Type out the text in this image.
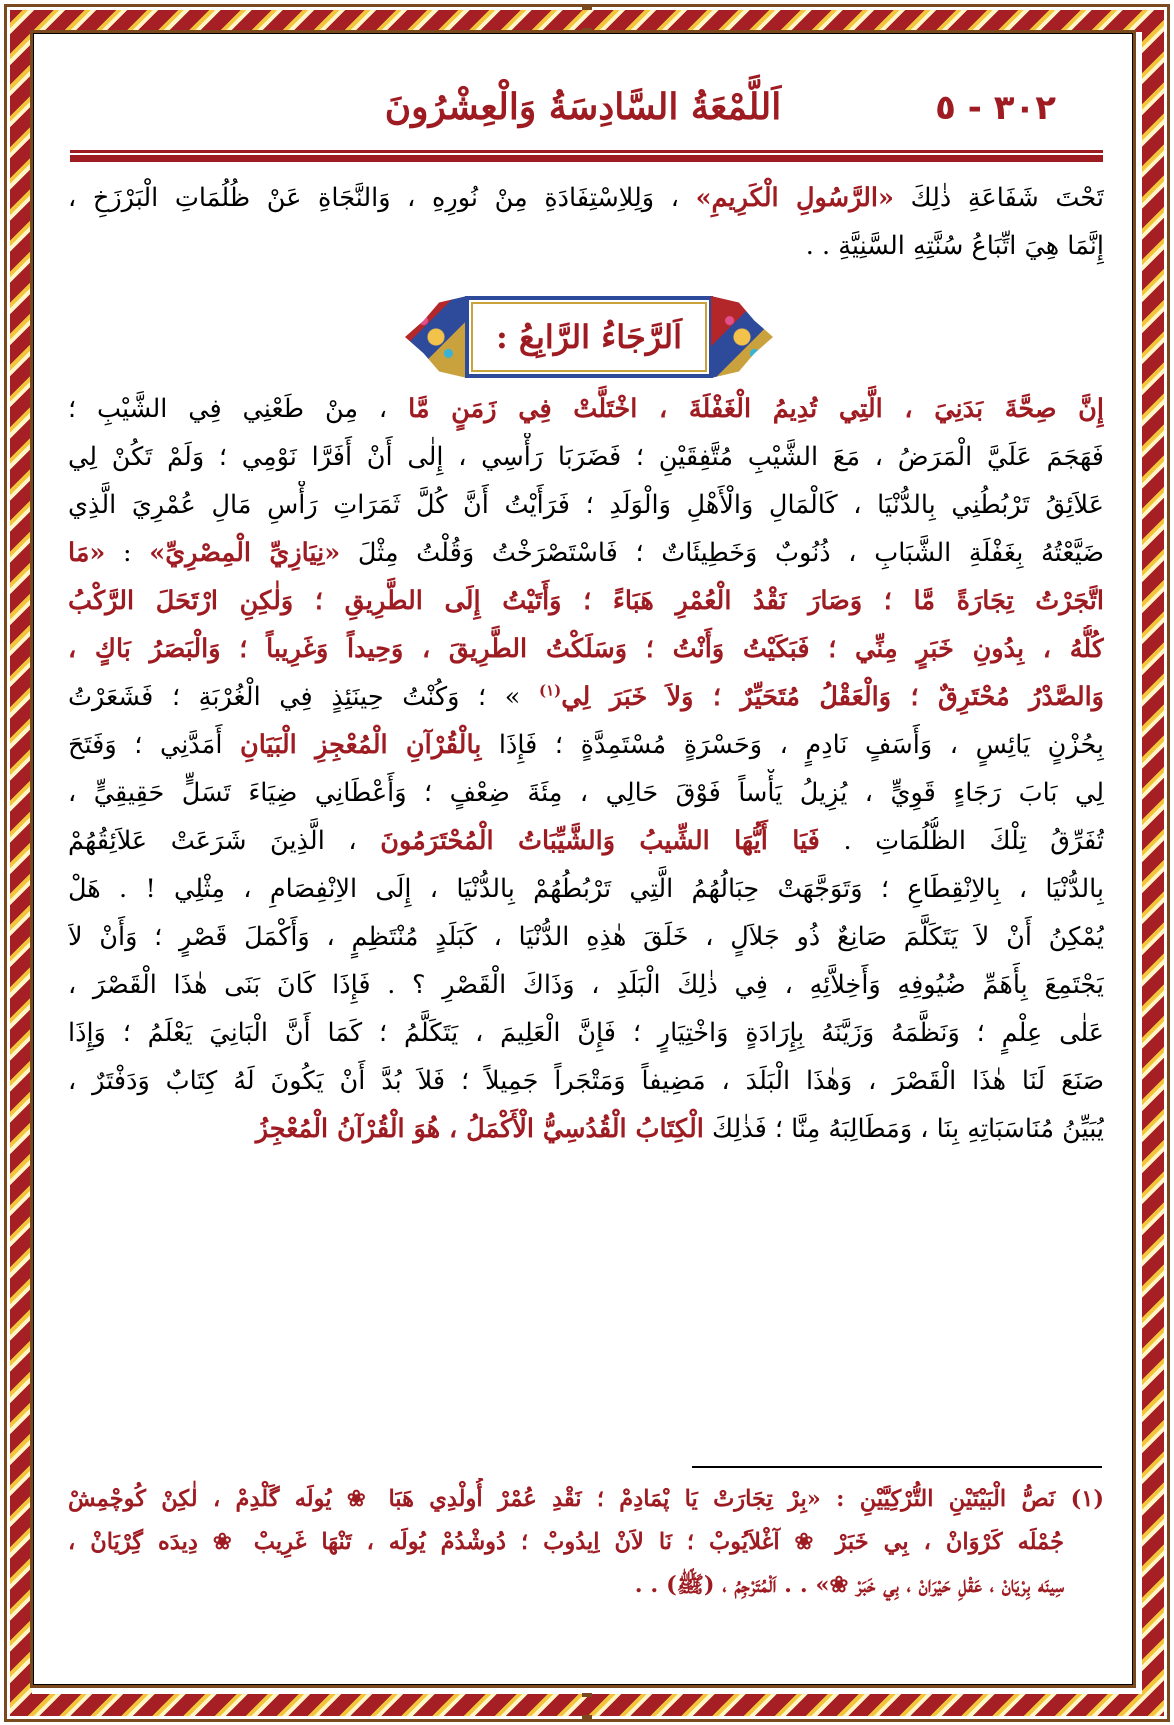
٣٠٢ - ٥
اَللَّمْعَةُ السَّادِسَةُ وَالْعِشْرُونَ
تَحْتَ شَفَاعَةِ ذٰلِكَ «الرَّسُولِ الْكَرِيمِ» ، وَلِلاِسْتِفَادَةِ مِنْ نُورِهِ ، وَالنَّجَاةِ عَنْ ظُلُمَاتِ الْبَرْزَخِ ،
إِنَّمَا هِيَ اتِّبَاعُ سُنَّتِهِ السَّنِيَّةِ . .
اَلرَّجَاءُ الرَّابِعُ :
إِنَّ صِحَّةَ بَدَنِيَ ، الَّتِي تُدِيمُ الْغَفْلَةَ ، اخْتَلَّتْ فِي زَمَنٍ مَّا ، مِنْ طَعْنِي فِي الشَّيْبِ ؛
فَهَجَمَ عَلَيَّ الْمَرَضُ ، مَعَ الشَّيْبِ مُتَّفِقَيْنِ ؛ فَضَرَبَا رَأْسِي ، إِلٰى أَنْ أَفَرَّا نَوْمِي ؛ وَلَمْ تَكُنْ لِي
عَلاَئِقُ تَرْبُطُنِي بِالدُّنْيَا ، كَالْمَالِ وَالْأَهْلِ وَالْوَلَدِ ؛ فَرَأَيْتُ أَنَّ كُلَّ ثَمَرَاتِ رَأْسِ مَالِ عُمْرِيَ الَّذِي
ضَيَّعْتُهُ بِغَفْلَةِ الشَّبَابِ ، ذُنُوبٌ وَخَطِيئَاتٌ ؛ فَاسْتَصْرَخْتُ وَقُلْتُ مِثْلَ «نِيَازِيِّ الْمِصْرِيِّ» : «مَا
اتَّجَرْتُ تِجَارَةً مَّا ؛ وَصَارَ نَقْدُ الْعُمْرِ هَبَاءً ؛ وَأَتَيْتُ إِلَى الطَّرِيقِ ؛ وَلٰكِنِ ارْتَحَلَ الرَّكْبُ
كُلُّهُ ، بِدُونِ خَبَرٍ مِنِّي ؛ فَبَكَيْتُ وَأَنْتُ ؛ وَسَلَكْتُ الطَّرِيقَ ، وَحِيداً وَغَرِيباً ؛ وَالْبَصَرُ بَاكٍ ،
وَالصَّدْرُ مُحْتَرِقٌ ؛ وَالْعَقْلُ مُتَحَيِّرٌ ؛ وَلاَ خَبَرَ لِي$^{(١)}$ » ؛ وَكُنْتُ حِينَئِذٍ فِي الْغُرْبَةِ ؛ فَشَعَرْتُ
بِحُزْنٍ يَائِسٍ ، وَأَسَفٍ نَادِمٍ ، وَحَسْرَةٍ مُسْتَمِدَّةٍ ؛ فَإِذَا بِالْقُرْآنِ الْمُعْجِزِ الْبَيَانِ أَمَدَّنِي ؛ وَفَتَحَ
لِي بَابَ رَجَاءٍ قَوِيٍّ ، يُزِيلُ يَأْساً فَوْقَ حَالِي ، مِئَةَ ضِعْفٍ ؛ وَأَعْطَانِي ضِيَاءَ تَسَلٍّ حَقِيقِيٍّ ،
تُفَرِّقُ تِلْكَ الظُّلُمَاتِ . فَيَا أَيُّهَا الشِّيبُ وَالشَّيِّبَاتُ الْمُحْتَرَمُونَ ، الَّذِينَ شَرَعَتْ عَلاَئِقُهُمْ
بِالدُّنْيَا ، بِالاِنْقِطَاعِ ؛ وَتَوَجَّهَتْ حِبَالُهُمُ الَّتِي تَرْبُطُهُمْ بِالدُّنْيَا ، إِلَى الاِنْفِصَامِ ، مِثْلِي ! . هَلْ
يُمْكِنُ أَنْ لاَ يَتَكَلَّمَ صَانِعٌ ذُو جَلاَلٍ ، خَلَقَ هٰذِهِ الدُّنْيَا ، كَبَلَدٍ مُنْتَظِمٍ ، وَأَكْمَلَ قَصْرٍ ؛ وَأَنْ لاَ
يَجْتَمِعَ بِأَهَمِّ ضُيُوفِهِ وَأَخِلاَّئِهِ ، فِي ذٰلِكَ الْبَلَدِ ، وَذَاكَ الْقَصْرِ ؟ . فَإِذَا كَانَ بَنَى هٰذَا الْقَصْرَ ،
عَلٰى عِلْمٍ ؛ وَنَظَّمَهُ وَزَيَّنَهُ بِإِرَادَةٍ وَاخْتِيَارٍ ؛ فَإِنَّ الْعَلِيمَ ، يَتَكَلَّمُ ؛ كَمَا أَنَّ الْبَانِيَ يَعْلَمُ ؛ وَإِذَا
صَنَعَ لَنَا هٰذَا الْقَصْرَ ، وَهٰذَا الْبَلَدَ ، مَضِيفاً وَمَتْجَراً جَمِيلاً ؛ فَلاَ بُدَّ أَنْ يَكُونَ لَهُ كِتَابٌ وَدَفْتَرٌ ،
يُبَيِّنُ مُنَاسَبَاتِهِ بِنَا ، وَمَطَالِبَهُ مِنَّا ؛ فَذٰلِكَ الْكِتَابُ الْقُدُسِيُّ الْأَكْمَلُ ، هُوَ الْقُرْآنُ الْمُعْجِزُ
(١) نَصُّ الْبَيْتَيْنِ التُّرْكِيَّيْنِ : «بِرْ تِجَارَتْ يَا پْمَادِمْ ؛ نَقْدِ عُمْرْ أُولْدِي هَبَا ❀ يُولَه گَلْدِمْ ، لٰكِنْ كُوچْمِشْ
جُمْلَه كَرْوَانْ ، بِي خَبَرْ ❀ آغْلاَيُوبْ ؛ نَا لاَنْ اِيدُوبْ ؛ دُوشْدُمْ يُولَه ، تَنْهَا غَرِيبْ ❀ دِيدَه گِرْيَانْ ،
سِينَه بِرْيَانْ ، عَقْلِ حَيْرَانْ ، بِي خَبَرْ ❀» . . اَلْمُتَرْجِمُ ، (ﷺ) . .
